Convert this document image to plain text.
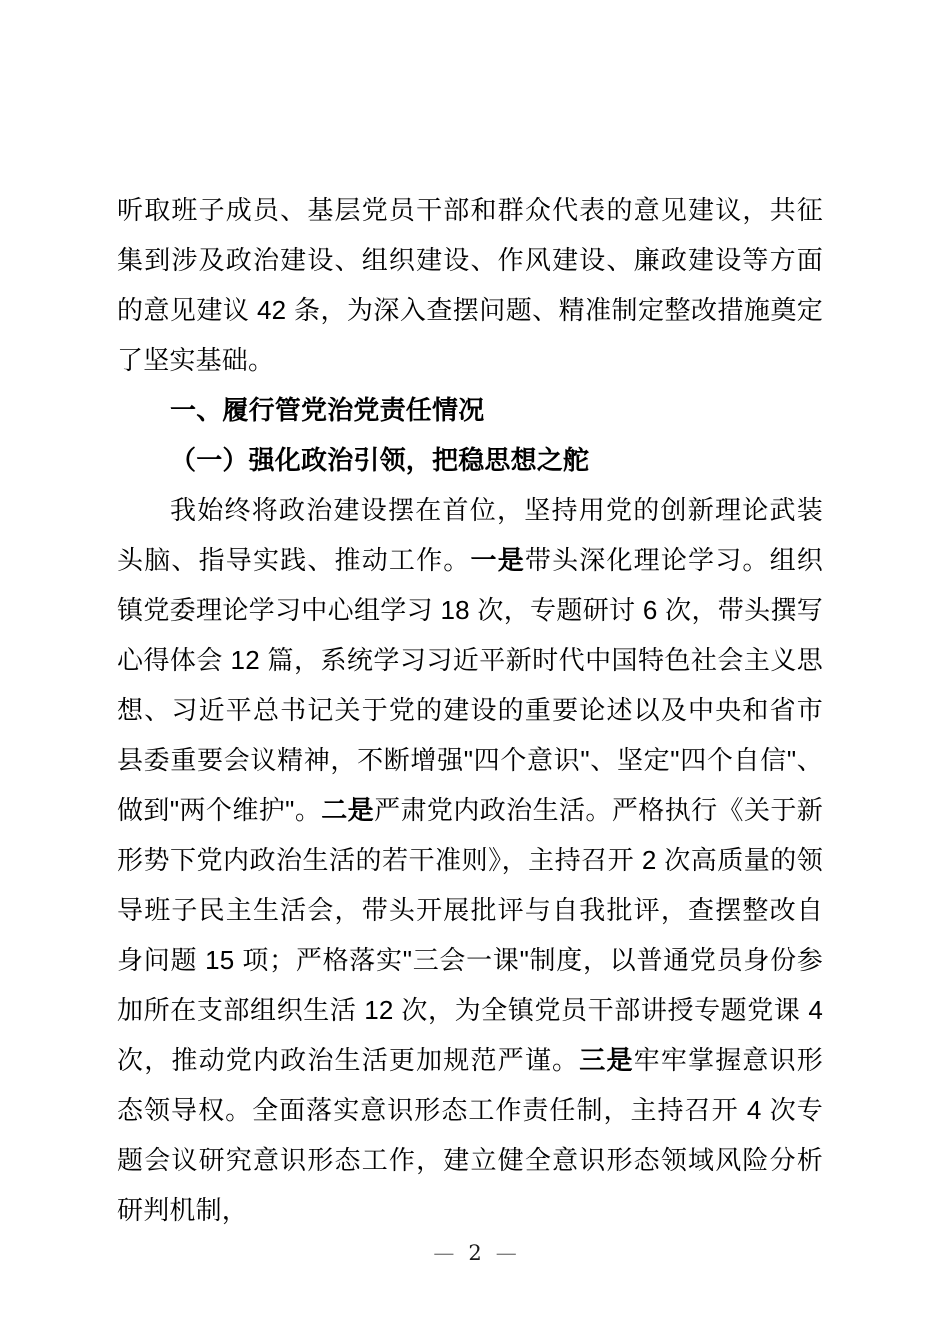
听取班子成员、基层党员干部和群众代表的意见建议，共征集到涉及政治建设、组织建设、作风建设、廉政建设等方面的意见建议 42 条，为深入查摆问题、精准制定整改措施奠定了坚实基础。

一、履行管党治党责任情况

（一）强化政治引领，把稳思想之舵

我始终将政治建设摆在首位，坚持用党的创新理论武装头脑、指导实践、推动工作。一是带头深化理论学习。组织镇党委理论学习中心组学习 18 次，专题研讨 6 次，带头撰写心得体会 12 篇，系统学习习近平新时代中国特色社会主义思想、习近平总书记关于党的建设的重要论述以及中央和省市县委重要会议精神，不断增强"四个意识"、坚定"四个自信"、做到"两个维护"。二是严肃党内政治生活。严格执行《关于新形势下党内政治生活的若干准则》，主持召开 2 次高质量的领导班子民主生活会，带头开展批评与自我批评，查摆整改自身问题 15 项；严格落实"三会一课"制度，以普通党员身份参加所在支部组织生活 12 次，为全镇党员干部讲授专题党课 4 次，推动党内政治生活更加规范严谨。三是牢牢掌握意识形态领导权。全面落实意识形态工作责任制，主持召开 4 次专题会议研究意识形态工作，建立健全意识形态领域风险分析研判机制，

— 2 —
